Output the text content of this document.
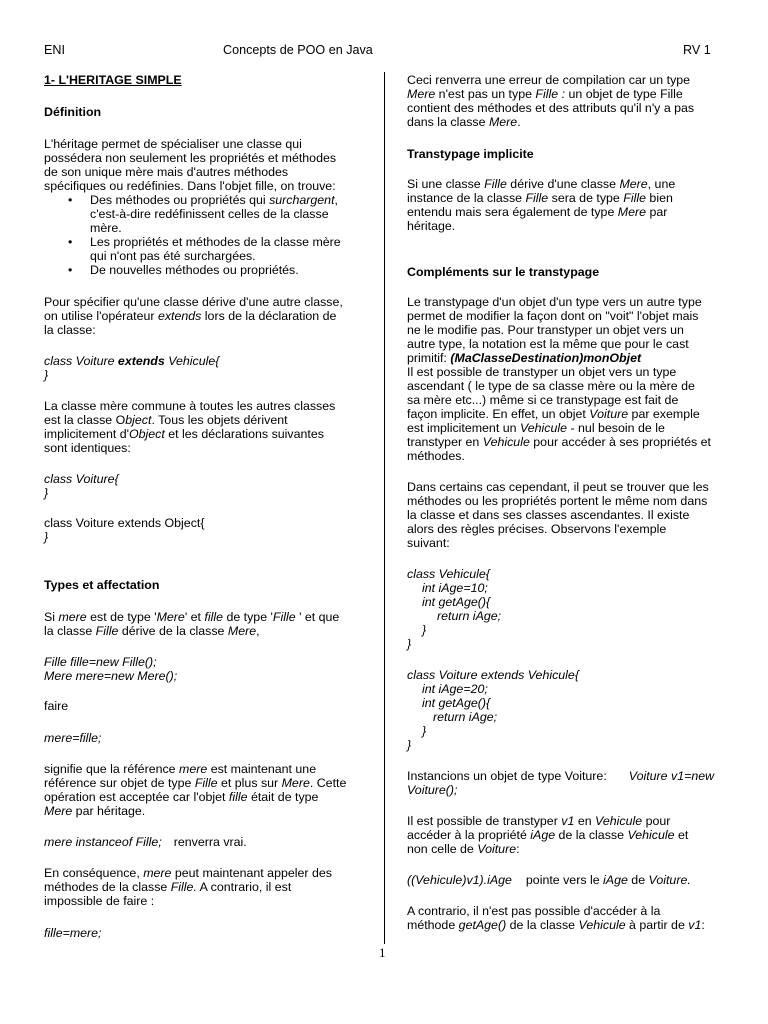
ENI	Concepts de POO en Java	RV 1
1- L'HERITAGE SIMPLE
Définition
L'héritage permet de spécialiser une classe qui
possédera non seulement les propriétés et méthodes
de son unique mère mais d'autres méthodes
spécifiques ou redéfinies. Dans l'objet fille, on trouve:
• Des méthodes ou propriétés qui surchargent,
c'est-à-dire redéfinissent celles de la classe
mère.
• Les propriétés et méthodes de la classe mère
qui n'ont pas été surchargées.
• De nouvelles méthodes ou propriétés.
Pour spécifier qu'une classe dérive d'une autre classe,
on utilise l'opérateur extends lors de la déclaration de
la classe:
class Voiture extends Vehicule{
}
La classe mère commune à toutes les autres classes
est la classe Object. Tous les objets dérivent
implicitement d'Object et les déclarations suivantes
sont identiques:
class Voiture{
}
class Voiture extends Object{
}
Types et affectation
Si mere est de type 'Mere' et fille de type 'Fille ' et que
la classe Fille dérive de la classe Mere,
Fille fille=new Fille();
Mere mere=new Mere();
faire
mere=fille;
signifie que la référence mere est maintenant une
référence sur objet de type Fille et plus sur Mere. Cette
opération est acceptée car l'objet fille était de type
Mere par héritage.
mere instanceof Fille; renverra vrai.
En conséquence, mere peut maintenant appeler des
méthodes de la classe Fille. A contrario, il est
impossible de faire :
fille=mere;
Ceci renverra une erreur de compilation car un type
Mere n'est pas un type Fille : un objet de type Fille
contient des méthodes et des attributs qu'il n'y a pas
dans la classe Mere.
Transtypage implicite
Si une classe Fille dérive d'une classe Mere, une
instance de la classe Fille sera de type Fille bien
entendu mais sera également de type Mere par
héritage.
Compléments sur le transtypage
Le transtypage d'un objet d'un type vers un autre type
permet de modifier la façon dont on "voit" l'objet mais
ne le modifie pas. Pour transtyper un objet vers un
autre type, la notation est la même que pour le cast
primitif: (MaClasseDestination)monObjet
Il est possible de transtyper un objet vers un type
ascendant ( le type de sa classe mère ou la mère de
sa mère etc...) même si ce transtypage est fait de
façon implicite. En effet, un objet Voiture par exemple
est implicitement un Vehicule - nul besoin de le
transtyper en Vehicule pour accéder à ses propriétés et
méthodes.
Dans certains cas cependant, il peut se trouver que les
méthodes ou les propriétés portent le même nom dans
la classe et dans ses classes ascendantes. Il existe
alors des règles précises. Observons l'exemple
suivant:
class Vehicule{
int iAge=10;
int getAge(){
return iAge;
}
}
class Voiture extends Vehicule{
int iAge=20;
int getAge(){
return iAge;
}
}
Instancions un objet de type Voiture: Voiture v1=new
Voiture();
Il est possible de transtyper v1 en Vehicule pour
accéder à la propriété iAge de la classe Vehicule et
non celle de Voiture:
((Vehicule)v1).iAge pointe vers le iAge de Voiture.
A contrario, il n'est pas possible d'accéder à la
méthode getAge() de la classe Vehicule à partir de v1:
1
